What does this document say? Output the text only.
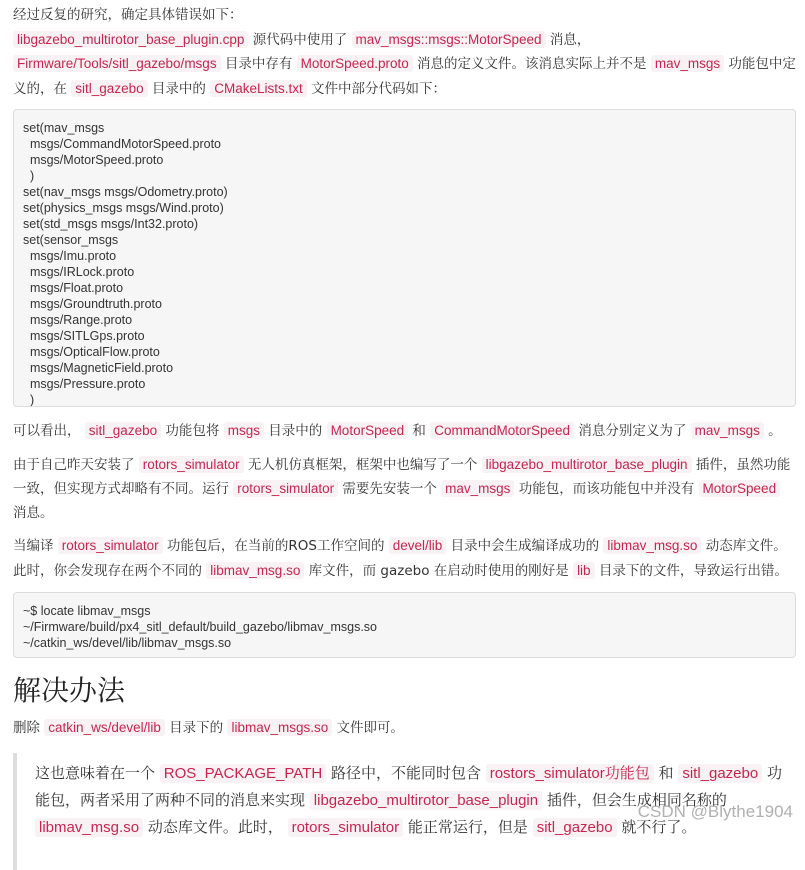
经过反复的研究，确定具体错误如下：
libgazebo_multirotor_base_plugin.cpp 源代码中使用了 mav_msgs::msgs::MotorSpeed 消息， Firmware/Tools/sitl_gazebo/msgs 目录中存有 MotorSpeed.proto 消息的定义文件。该消息实际上并不是 mav_msgs 功能包中定义的，在 sitl_gazebo 目录中的 CMakeLists.txt 文件中部分代码如下：

set(mav_msgs
msgs/CommandMotorSpeed.proto
msgs/MotorSpeed.proto
)
set(nav_msgs msgs/Odometry.proto)
set(physics_msgs msgs/Wind.proto)
set(std_msgs msgs/Int32.proto)
set(sensor_msgs
msgs/Imu.proto
msgs/IRLock.proto
msgs/Float.proto
msgs/Groundtruth.proto
msgs/Range.proto
msgs/SITLGps.proto
msgs/OpticalFlow.proto
msgs/MagneticField.proto
msgs/Pressure.proto
)

可以看出， sitl_gazebo 功能包将 msgs 目录中的 MotorSpeed 和 CommandMotorSpeed 消息分别定义为了 mav_msgs 。

由于自己昨天安装了 rotors_simulator 无人机仿真框架，框架中也编写了一个 libgazebo_multirotor_base_plugin 插件，虽然功能一致，但实现方式却略有不同。运行 rotors_simulator 需要先安装一个 mav_msgs 功能包，而该功能包中并没有 MotorSpeed 消息。

当编译 rotors_simulator 功能包后，在当前的ROS工作空间的 devel/lib 目录中会生成编译成功的 libmav_msg.so 动态库文件。此时，你会发现存在两个不同的 libmav_msg.so 库文件，而 gazebo 在启动时使用的刚好是 lib 目录下的文件，导致运行出错。

~$ locate libmav_msgs
~/Firmware/build/px4_sitl_default/build_gazebo/libmav_msgs.so
~/catkin_ws/devel/lib/libmav_msgs.so
解决办法

删除 catkin_ws/devel/lib 目录下的 libmav_msgs.so 文件即可。

这也意味着在一个 ROS_PACKAGE_PATH 路径中，不能同时包含 rostors_simulator功能包 和 sitl_gazebo 功能包，两者采用了两种不同的消息来实现 libgazebo_multirotor_base_plugin 插件，但会生成相同名称的 libmav_msg.so 动态库文件。此时， rotors_simulator 能正常运行，但是 sitl_gazebo 就不行了。
CSDN @Blythe1904
